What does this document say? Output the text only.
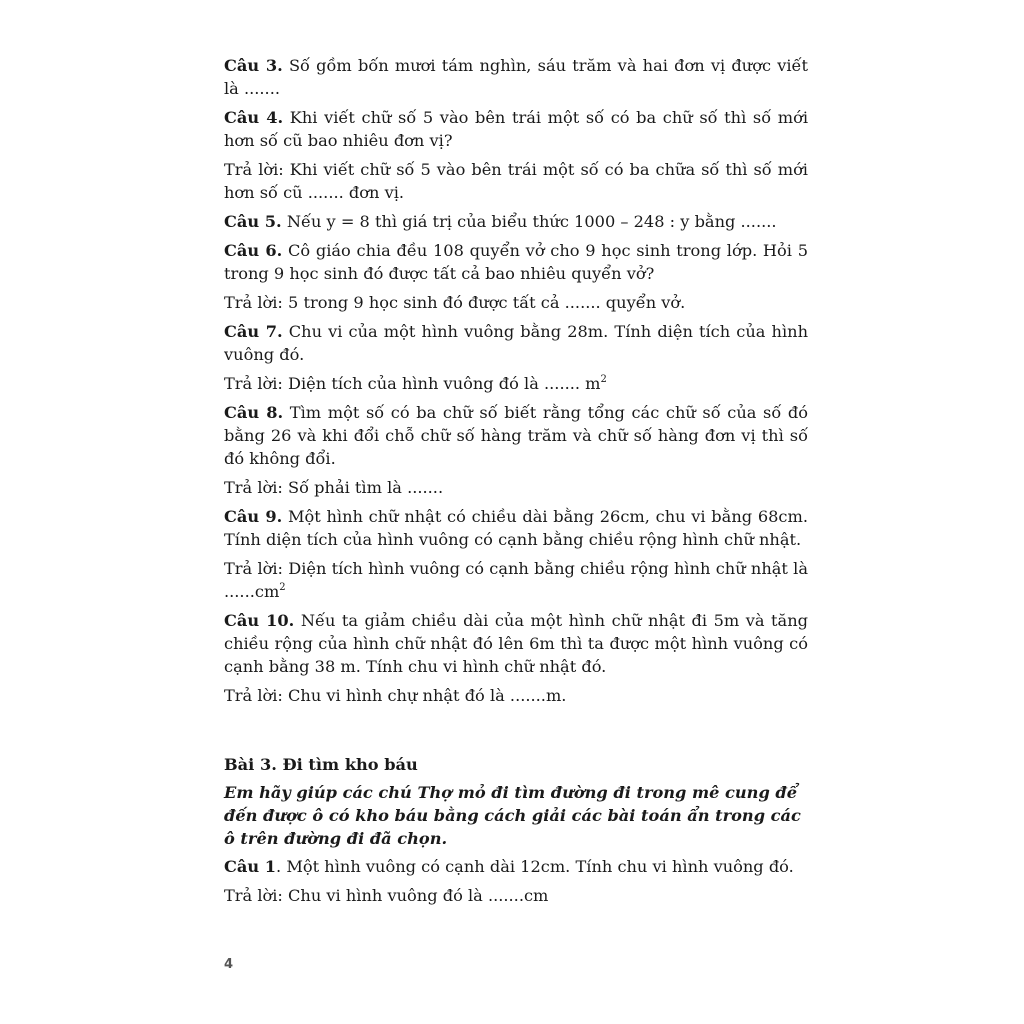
Câu 3. Số gồm bốn mươi tám nghìn, sáu trăm và hai đơn vị được viết là .......

Câu 4. Khi viết chữ số 5 vào bên trái một số có ba chữ số thì số mới hơn số cũ bao nhiêu đơn vị?

Trả lời: Khi viết chữ số 5 vào bên trái một số có ba chữa số thì số mới hơn số cũ ....... đơn vị.

Câu 5. Nếu y = 8 thì giá trị của biểu thức 1000 – 248 : y bằng .......

Câu 6. Cô giáo chia đều 108 quyển vở cho 9 học sinh trong lớp. Hỏi 5 trong 9 học sinh đó được tất cả bao nhiêu quyển vở?

Trả lời: 5 trong 9 học sinh đó được tất cả ....... quyển vở.

Câu 7. Chu vi của một hình vuông bằng 28m. Tính diện tích của hình vuông đó.

Trả lời: Diện tích của hình vuông đó là ....... $m^2$

Câu 8. Tìm một số có ba chữ số biết rằng tổng các chữ số của số đó bằng 26 và khi đổi chỗ chữ số hàng trăm và chữ số hàng đơn vị thì số đó không đổi.

Trả lời: Số phải tìm là .......

Câu 9. Một hình chữ nhật có chiều dài bằng 26cm, chu vi bằng 68cm. Tính diện tích của hình vuông có cạnh bằng chiều rộng hình chữ nhật.

Trả lời: Diện tích hình vuông có cạnh bằng chiều rộng hình chữ nhật là $......cm^2$

Câu 10. Nếu ta giảm chiều dài của một hình chữ nhật đi 5m và tăng chiều rộng của hình chữ nhật đó lên 6m thì ta được một hình vuông có cạnh bằng 38 m. Tính chu vi hình chữ nhật đó.

Trả lời: Chu vi hình chự nhật đó là .......m.

Bài 3. Đi tìm kho báu

Em hãy giúp các chú Thợ mỏ đi tìm đường đi trong mê cung để đến được ô có kho báu bằng cách giải các bài toán ẩn trong các ô trên đường đi đã chọn.

Câu 1. Một hình vuông có cạnh dài 12cm. Tính chu vi hình vuông đó.

Trả lời: Chu vi hình vuông đó là .......cm

4
